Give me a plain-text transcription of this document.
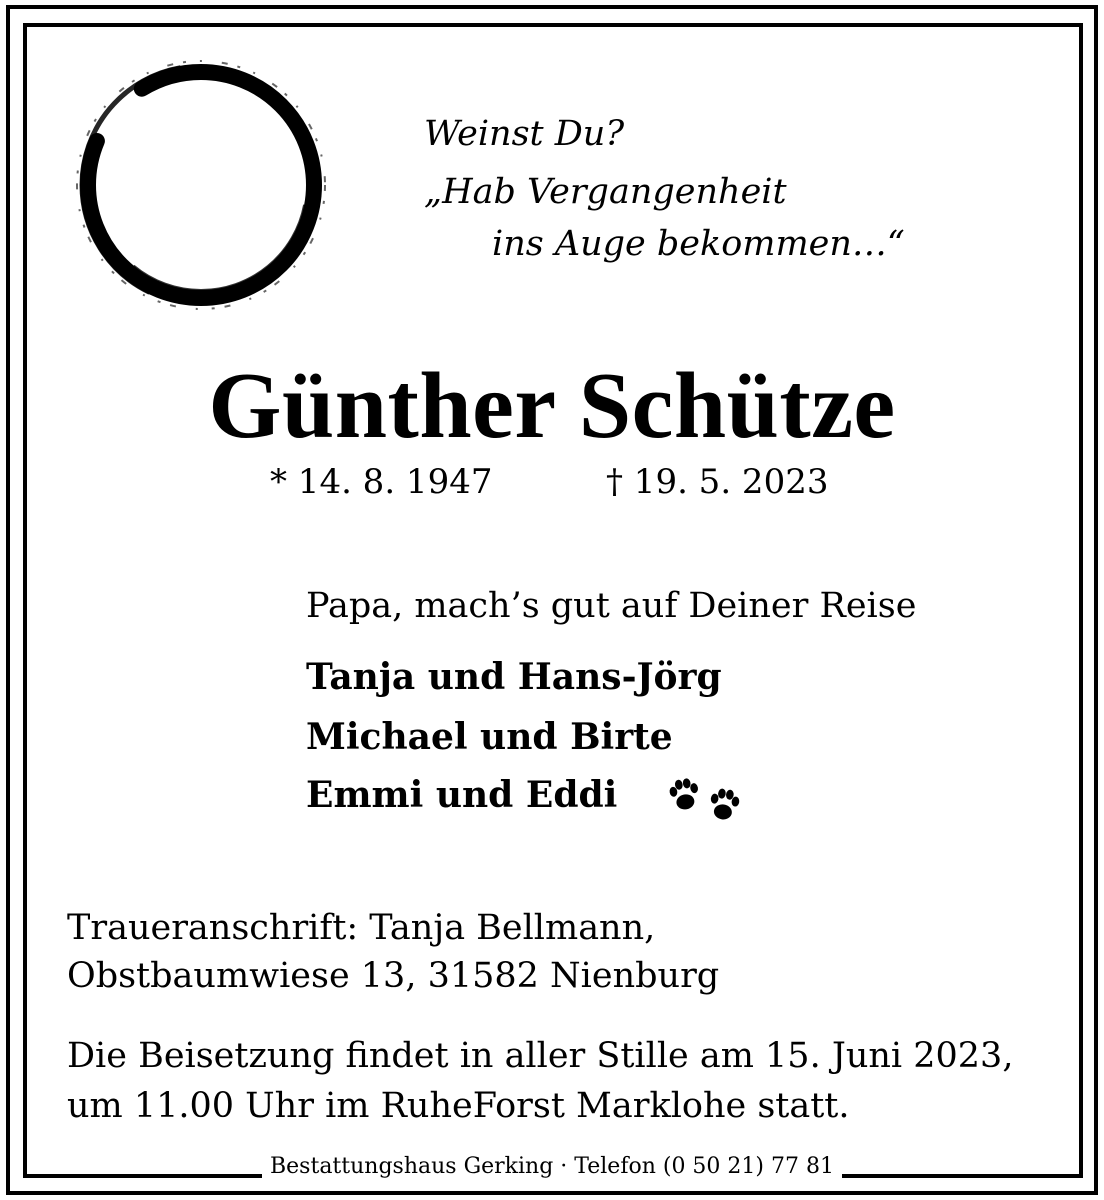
Weinst Du?
„Hab Vergangenheit
ins Auge bekommen…“
Günther Schütze
* 14. 8. 1947	† 19. 5. 2023
Papa, mach’s gut auf Deiner Reise
Tanja und Hans-Jörg
Michael und Birte
Emmi und Eddi
Traueranschrift: Tanja Bellmann,
Obstbaumwiese 13, 31582 Nienburg
Die Beisetzung findet in aller Stille am 15. Juni 2023,
um 11.00 Uhr im RuheForst Marklohe statt.
Bestattungshaus Gerking · Telefon (0 50 21) 77 81
